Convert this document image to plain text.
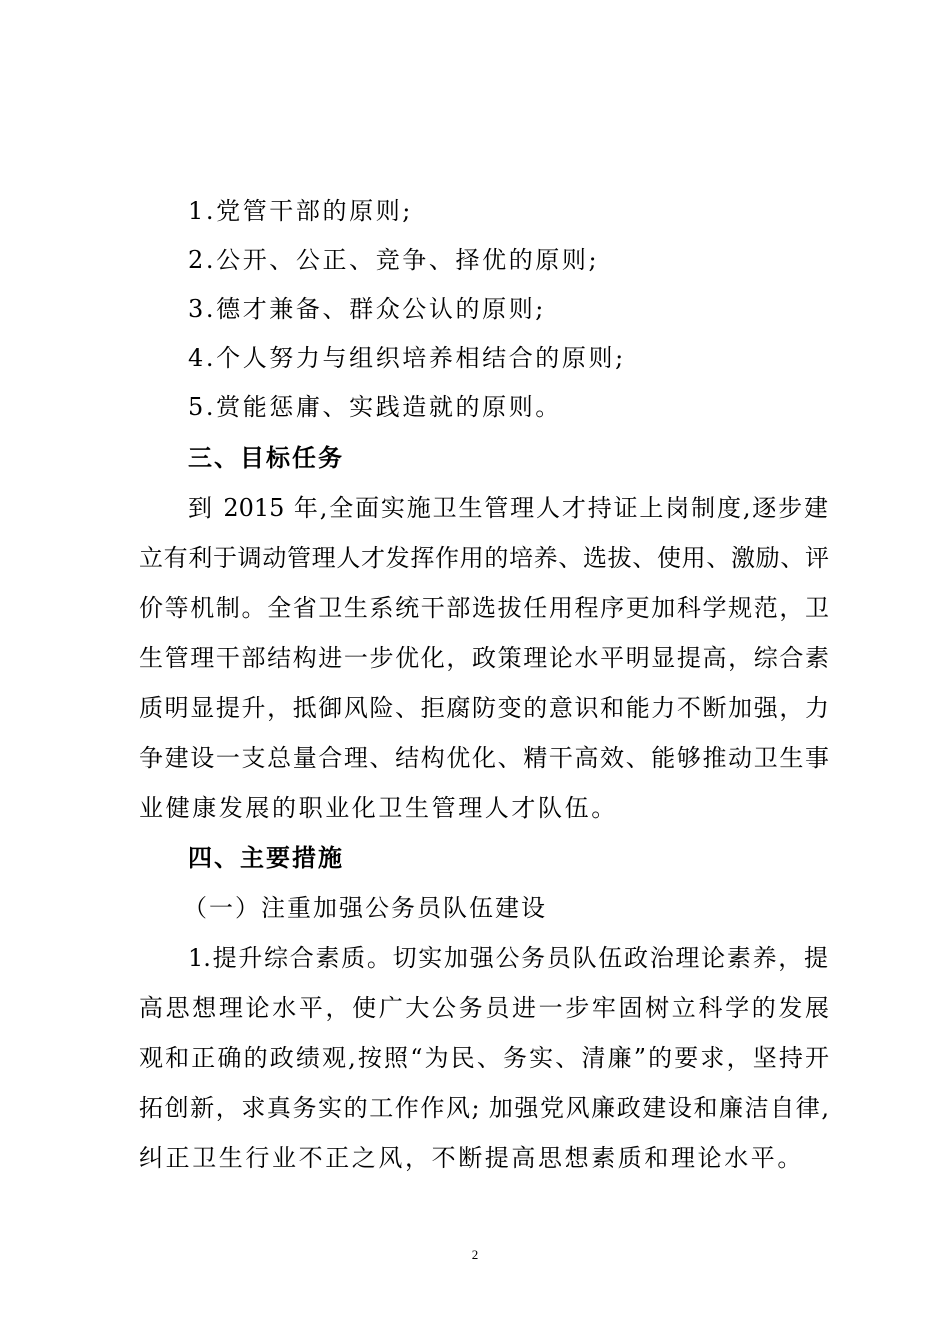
1.党管干部的原则;
2.公开、公正、竞争、择优的原则;
3.德才兼备、群众公认的原则;
4.个人努力与组织培养相结合的原则;
5.赏能惩庸、实践造就的原则。
三、目标任务
到 2015 年,全面实施卫生管理人才持证上岗制度,逐步建
立有利于调动管理人才发挥作用的培养、选拔、使用、激励、评
价等机制。全省卫生系统干部选拔任用程序更加科学规范，卫
生管理干部结构进一步优化，政策理论水平明显提高，综合素
质明显提升，抵御风险、拒腐防变的意识和能力不断加强，力
争建设一支总量合理、结构优化、精干高效、能够推动卫生事
业健康发展的职业化卫生管理人才队伍。
四、主要措施
（一）注重加强公务员队伍建设
1.提升综合素质。切实加强公务员队伍政治理论素养，提
高思想理论水平，使广大公务员进一步牢固树立科学的发展
观和正确的政绩观,按照“为民、务实、清廉”的要求，坚持开
拓创新，求真务实的工作作风; 加强党风廉政建设和廉洁自律,
纠正卫生行业不正之风，不断提高思想素质和理论水平。
2
